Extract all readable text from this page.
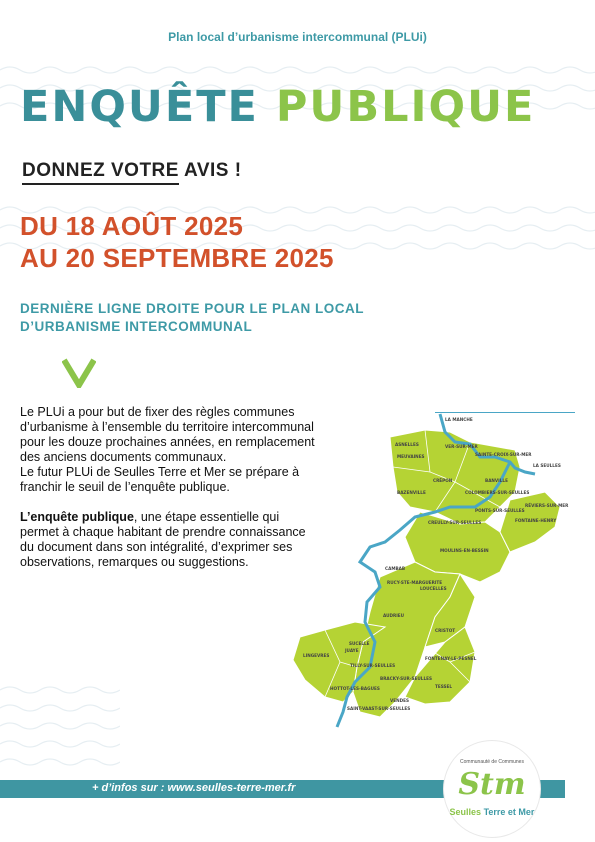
Plan local d’urbanisme intercommunal (PLUi)
ENQUÊTE PUBLIQUE
DONNEZ VOTRE AVIS !
DU 18 AOÛT 2025
AU 20 SEPTEMBRE 2025
DERNIÈRE LIGNE DROITE POUR LE PLAN LOCAL
D’URBANISME INTERCOMMUNAL

Le PLUi a pour but de fixer des règles communes d’urbanisme à l’ensemble du territoire intercommunal pour les douze prochaines années, en remplacement des anciens documents communaux.

Le futur PLUi de Seulles Terre et Mer se prépare à franchir le seuil de l’enquête publique.

L’enquête publique, une étape essentielle qui permet à chaque habitant de prendre connaissance du document dans son intégralité, d’exprimer ses observations, remarques ou suggestions.

LA MANCHE
LA SEULLES
ASNELLES
MEUVAINES
VER-SUR-MER
SAINTE-CROIX-SUR-MER
CRÉPON	BANVILLE
COLOMBIERS-SUR-SEULLES
BAZENVILLE
PONTS-SUR-SEULLES
CREULLY-SUR-SEULLES	FONTAINE-HENRY
RÉVIERS-SUR-MER
MOULINS-EN-BESSIN
CAMBAB
RUCY-STE-MARGUERITE
LOUCELLES
AUDRIEU
CRISTOT
FONTENAY-LE-PESNEL
JUAYE
SUCELLE
TILLY-SUR-SEULLES
LINGEVRES
HOTTOT-LES-BAGUES
BRACKY-SUR-SEULLES
TESSEL
VENDES
SAINT-VAAST-SUR-SEULLES
+ d’infos sur : www.seulles-terre-mer.fr
Communauté de Communes
Stm
Seulles Terre et Mer
